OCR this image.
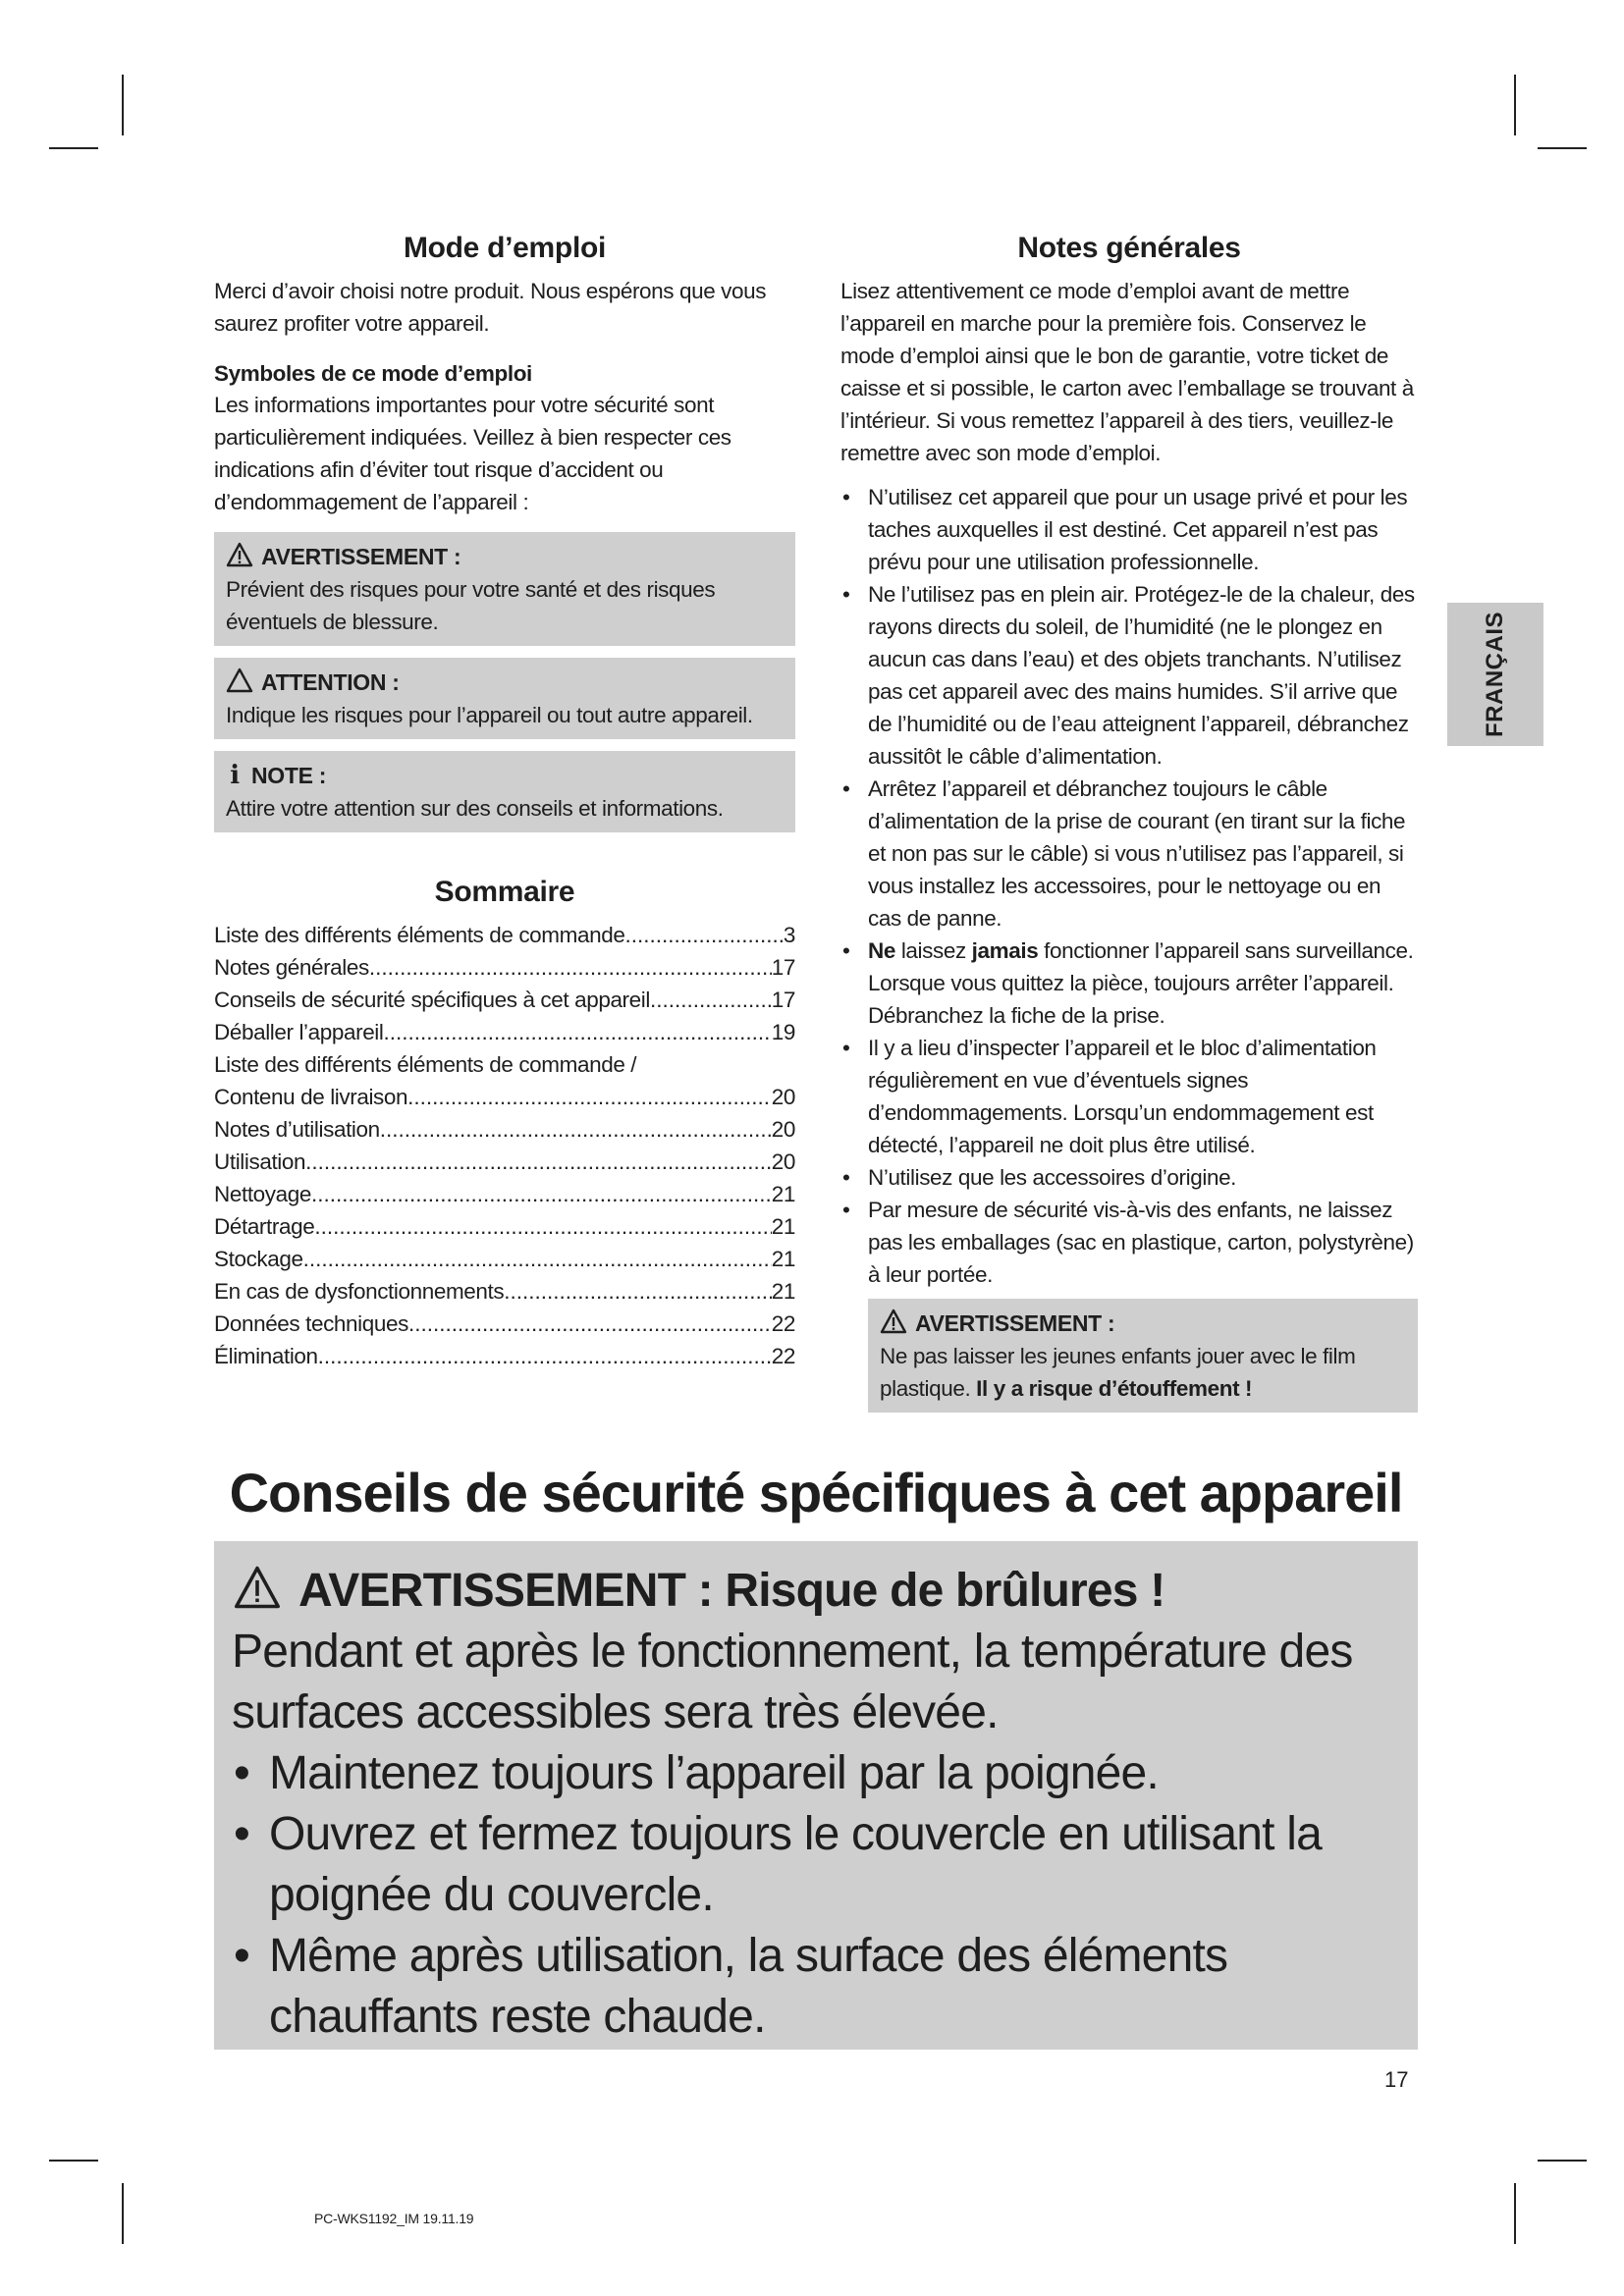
Mode d’emploi

Merci d’avoir choisi notre produit. Nous espérons que vous saurez profiter votre appareil.

Symboles de ce mode d’emploi

Les informations importantes pour votre sécurité sont particulièrement indiquées. Veillez à bien respecter ces indications afin d’éviter tout risque d’accident ou d’endommagement de l’appareil :

AVERTISSEMENT :
Prévient des risques pour votre santé et des risques éventuels de blessure.
ATTENTION :
Indique les risques pour l’appareil ou tout autre appareil.
i NOTE :
Attire votre attention sur des conseils et informations.
Sommaire
Liste des différents éléments de commande .....	3
Notes générales .....	17
Conseils de sécurité spécifiques à cet appareil .....	17
Déballer l’appareil .....	19
Liste des différents éléments de commande /
Contenu de livraison .....	20
Notes d’utilisation .....	20
Utilisation .....	20
Nettoyage .....	21
Détartrage .....	21
Stockage .....	21
En cas de dysfonctionnements .....	21
Données techniques .....	22
Élimination .....	22
Notes générales

Lisez attentivement ce mode d’emploi avant de mettre l’appareil en marche pour la première fois. Conservez le mode d’emploi ainsi que le bon de garantie, votre ticket de caisse et si possible, le carton avec l’emballage se trouvant à l’intérieur. Si vous remettez l’appareil à des tiers, veuillez-le remettre avec son mode d’emploi.

• N’utilisez cet appareil que pour un usage privé et pour les taches auxquelles il est destiné. Cet appareil n’est pas prévu pour une utilisation professionnelle.
• Ne l’utilisez pas en plein air. Protégez-le de la chaleur, des rayons directs du soleil, de l’humidité (ne le plongez en aucun cas dans l’eau) et des objets tranchants. N’utilisez pas cet appareil avec des mains humides. S’il arrive que de l’humidité ou de l’eau atteignent l’appareil, débranchez aussitôt le câble d’alimentation.
• Arrêtez l’appareil et débranchez toujours le câble d’alimentation de la prise de courant (en tirant sur la fiche et non pas sur le câble) si vous n’utilisez pas l’appareil, si vous installez les accessoires, pour le nettoyage ou en cas de panne.
• Ne laissez jamais fonctionner l’appareil sans surveillance. Lorsque vous quittez la pièce, toujours arrêter l’appareil. Débranchez la fiche de la prise.
• Il y a lieu d’inspecter l’appareil et le bloc d’alimentation régulièrement en vue d’éventuels signes d’endommagements. Lorsqu’un endommagement est détecté, l’appareil ne doit plus être utilisé.
• N’utilisez que les accessoires d’origine.
• Par mesure de sécurité vis-à-vis des enfants, ne laissez pas les emballages (sac en plastique, carton, polystyrène) à leur portée.
AVERTISSEMENT :
Ne pas laisser les jeunes enfants jouer avec le film plastique. Il y a risque d’étouffement !
FRANÇAIS
Conseils de sécurité spécifiques à cet appareil
AVERTISSEMENT : Risque de brûlures !
Pendant et après le fonctionnement, la température des surfaces accessibles sera très élevée.
• Maintenez toujours l’appareil par la poignée.
• Ouvrez et fermez toujours le couvercle en utilisant la poignée du couvercle.
• Même après utilisation, la surface des éléments chauffants reste chaude.
17
PC-WKS1192_IM 19.11.19
